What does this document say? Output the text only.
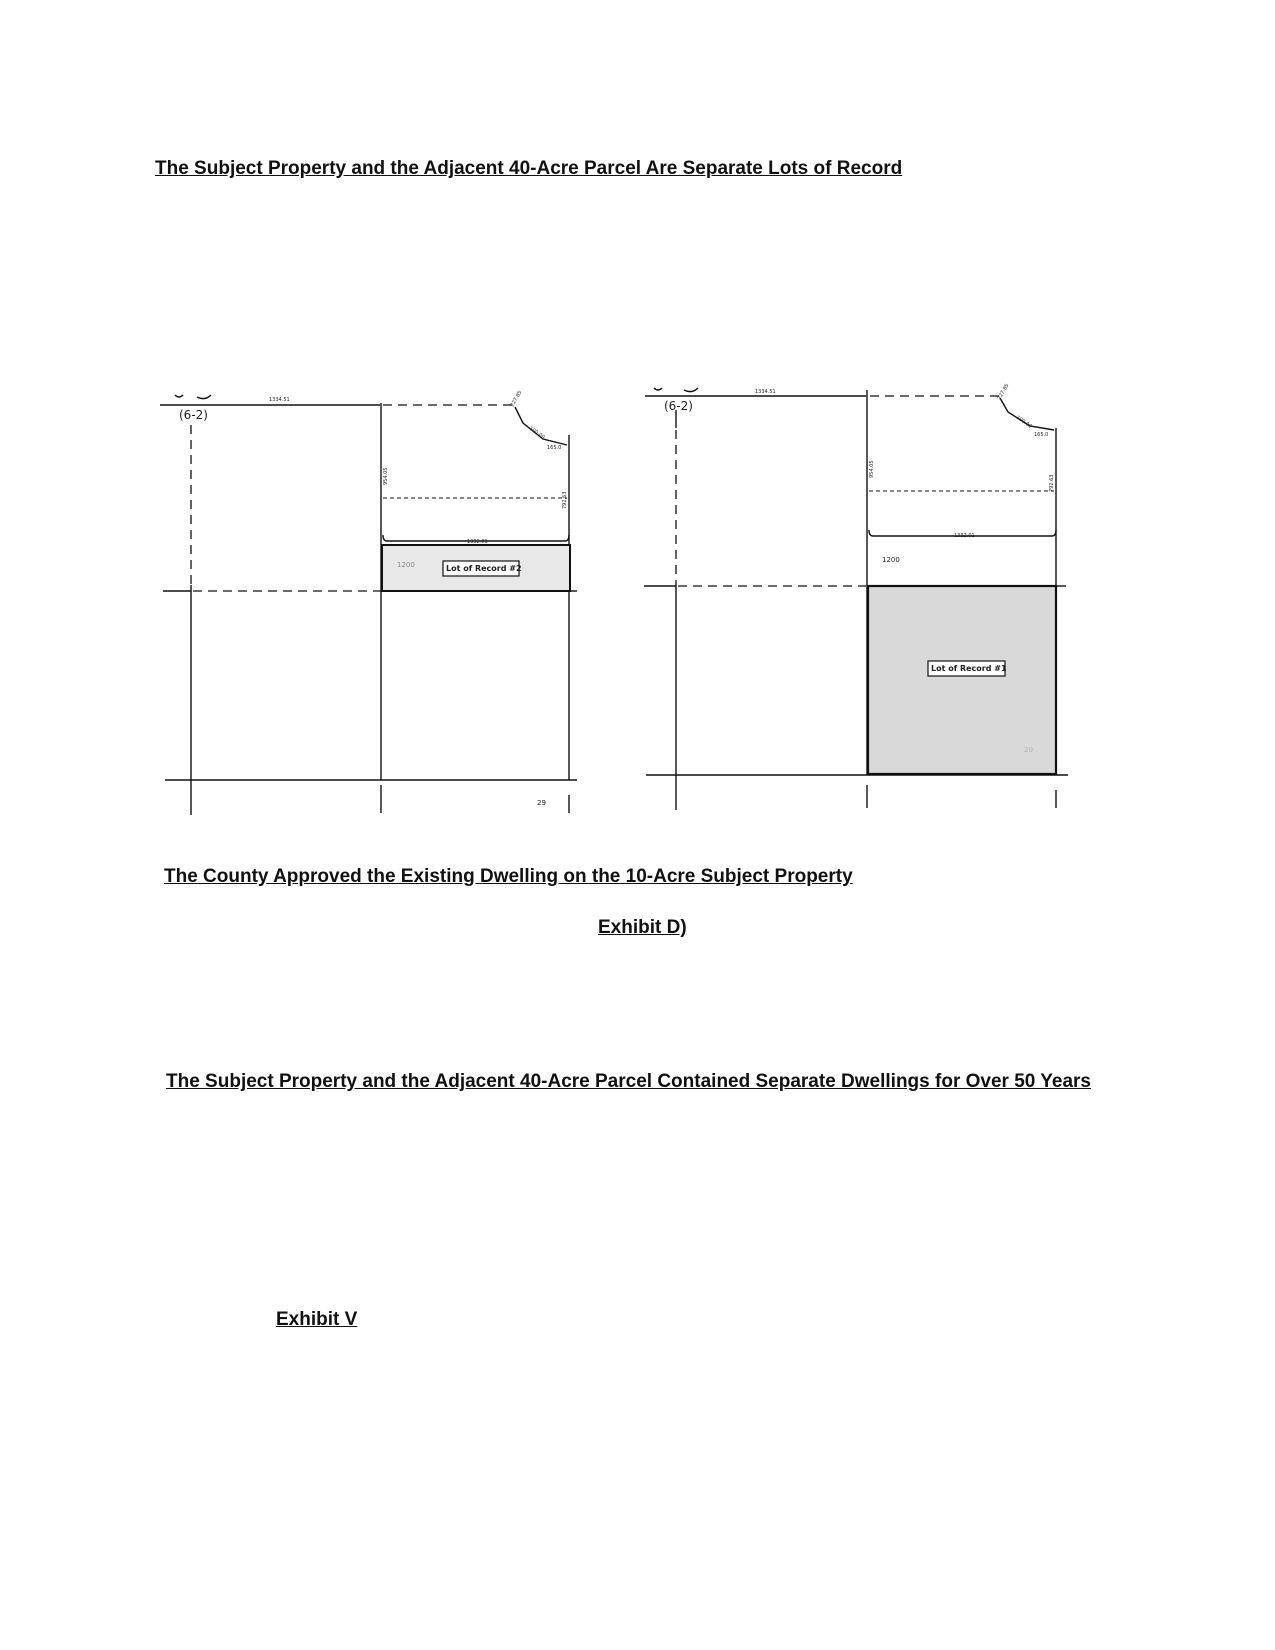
The Subject Property and the Adjacent 40-Acre Parcel Are Separate Lots of Record
(6-2)
1334.51	227.85
100.00
165.0
954.05
792.63
1332.01
1200	Lot of Record #2
29
(6-2)
1334.51	227.85
100.00
165.0
954.05
792.63
1332.01
1200
Lot of Record #1
20
The County Approved the Existing Dwelling on the 10-Acre Subject Property

Exhibit D)

The Subject Property and the Adjacent 40-Acre Parcel Contained Separate Dwellings for Over 50 Years

Exhibit V
